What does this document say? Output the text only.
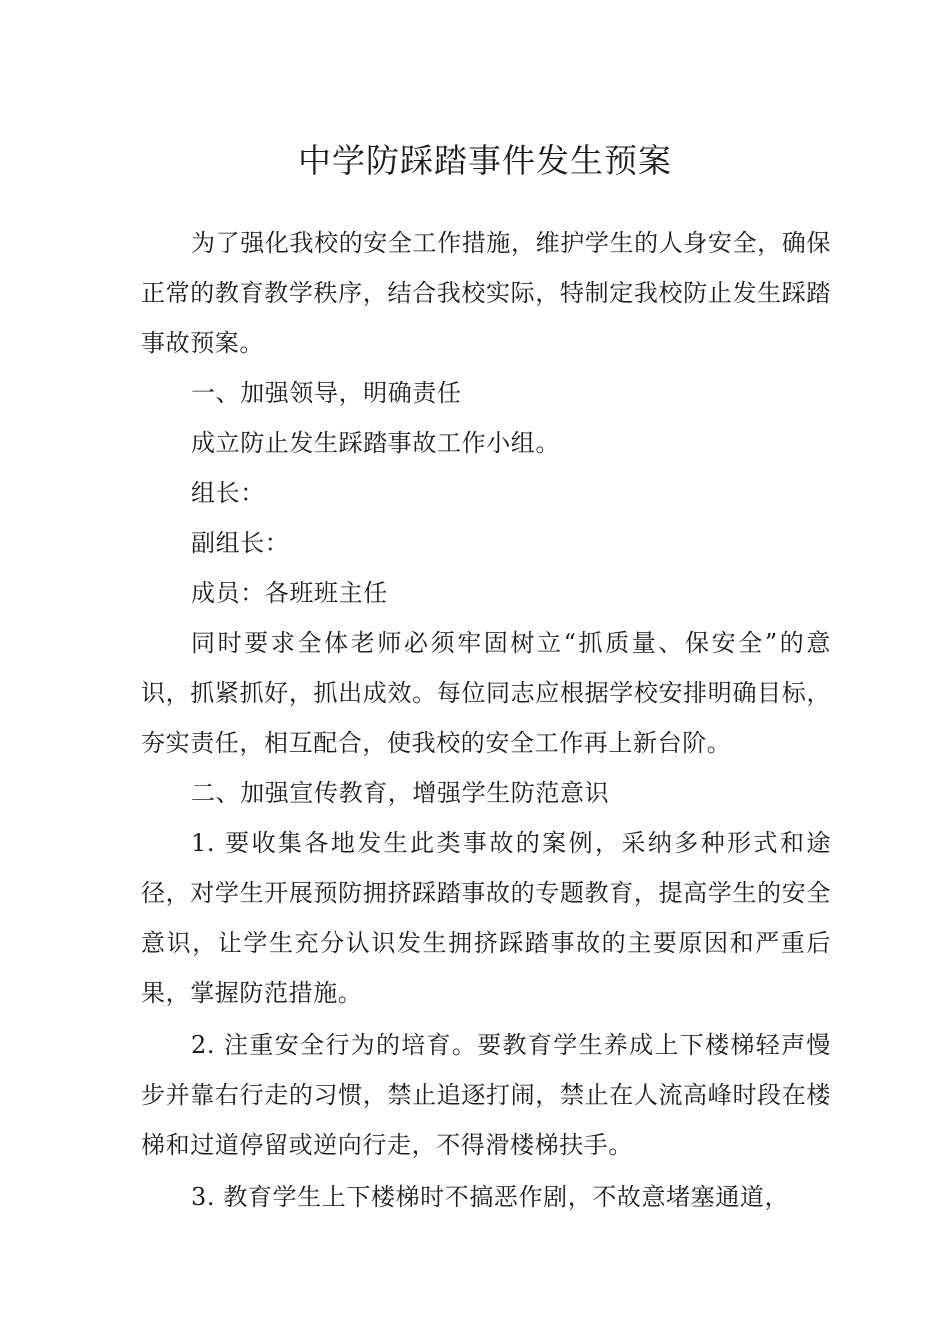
中学防踩踏事件发生预案

为了强化我校的安全工作措施，维护学生的人身安全，确保正常的教育教学秩序，结合我校实际，特制定我校防止发生踩踏事故预案。

一、加强领导，明确责任

成立防止发生踩踏事故工作小组。

组长：

副组长：

成员：各班班主任

同时要求全体老师必须牢固树立“抓质量、保安全”的意识，抓紧抓好，抓出成效。每位同志应根据学校安排明确目标，夯实责任，相互配合，使我校的安全工作再上新台阶。

二、加强宣传教育，增强学生防范意识

1. 要收集各地发生此类事故的案例，采纳多种形式和途径，对学生开展预防拥挤踩踏事故的专题教育，提高学生的安全意识，让学生充分认识发生拥挤踩踏事故的主要原因和严重后果，掌握防范措施。

2. 注重安全行为的培育。要教育学生养成上下楼梯轻声慢步并靠右行走的习惯，禁止追逐打闹，禁止在人流高峰时段在楼梯和过道停留或逆向行走，不得滑楼梯扶手。

3. 教育学生上下楼梯时不搞恶作剧，不故意堵塞通道，
